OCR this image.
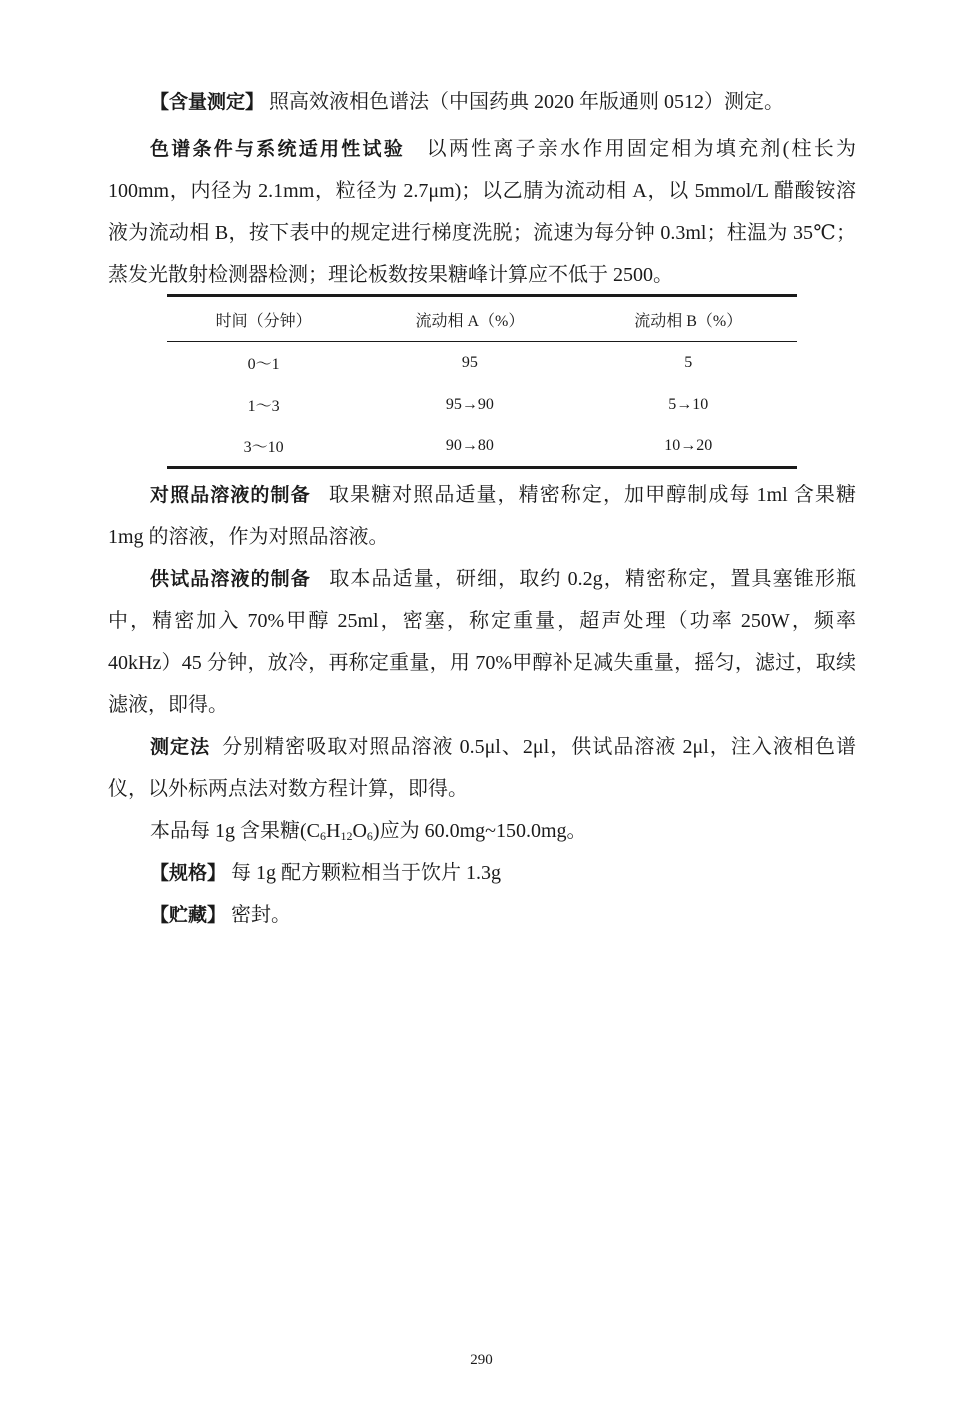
【含量测定】 照高效液相色谱法（中国药典 2020 年版通则 0512）测定。

色谱条件与系统适用性试验 以两性离子亲水作用固定相为填充剂(柱长为100mm，内径为 2.1mm，粒径为 2.7μm)；以乙腈为流动相 A，以 5mmol/L 醋酸铵溶液为流动相 B，按下表中的规定进行梯度洗脱；流速为每分钟 0.3ml；柱温为 35℃；蒸发光散射检测器检测；理论板数按果糖峰计算应不低于 2500。

时间（分钟）	流动相 A（%）	流动相 B（%）
0～1	95	5
1～3	95→90	5→10
3～10	90→80	10→20

对照品溶液的制备 取果糖对照品适量，精密称定，加甲醇制成每 1ml 含果糖 1mg 的溶液，作为对照品溶液。

供试品溶液的制备 取本品适量，研细，取约 0.2g，精密称定，置具塞锥形瓶中，精密加入 70%甲醇 25ml，密塞，称定重量，超声处理（功率 250W，频率 40kHz）45 分钟，放冷，再称定重量，用 70%甲醇补足减失重量，摇匀，滤过，取续滤液，即得。

测定法 分别精密吸取对照品溶液 0.5μl、2μl，供试品溶液 2μl，注入液相色谱仪，以外标两点法对数方程计算，即得。

本品每 1g 含果糖$(C_6H_{12}O_6)$应为 60.0mg~150.0mg。

【规格】 每 1g 配方颗粒相当于饮片 1.3g

【贮藏】 密封。

290
